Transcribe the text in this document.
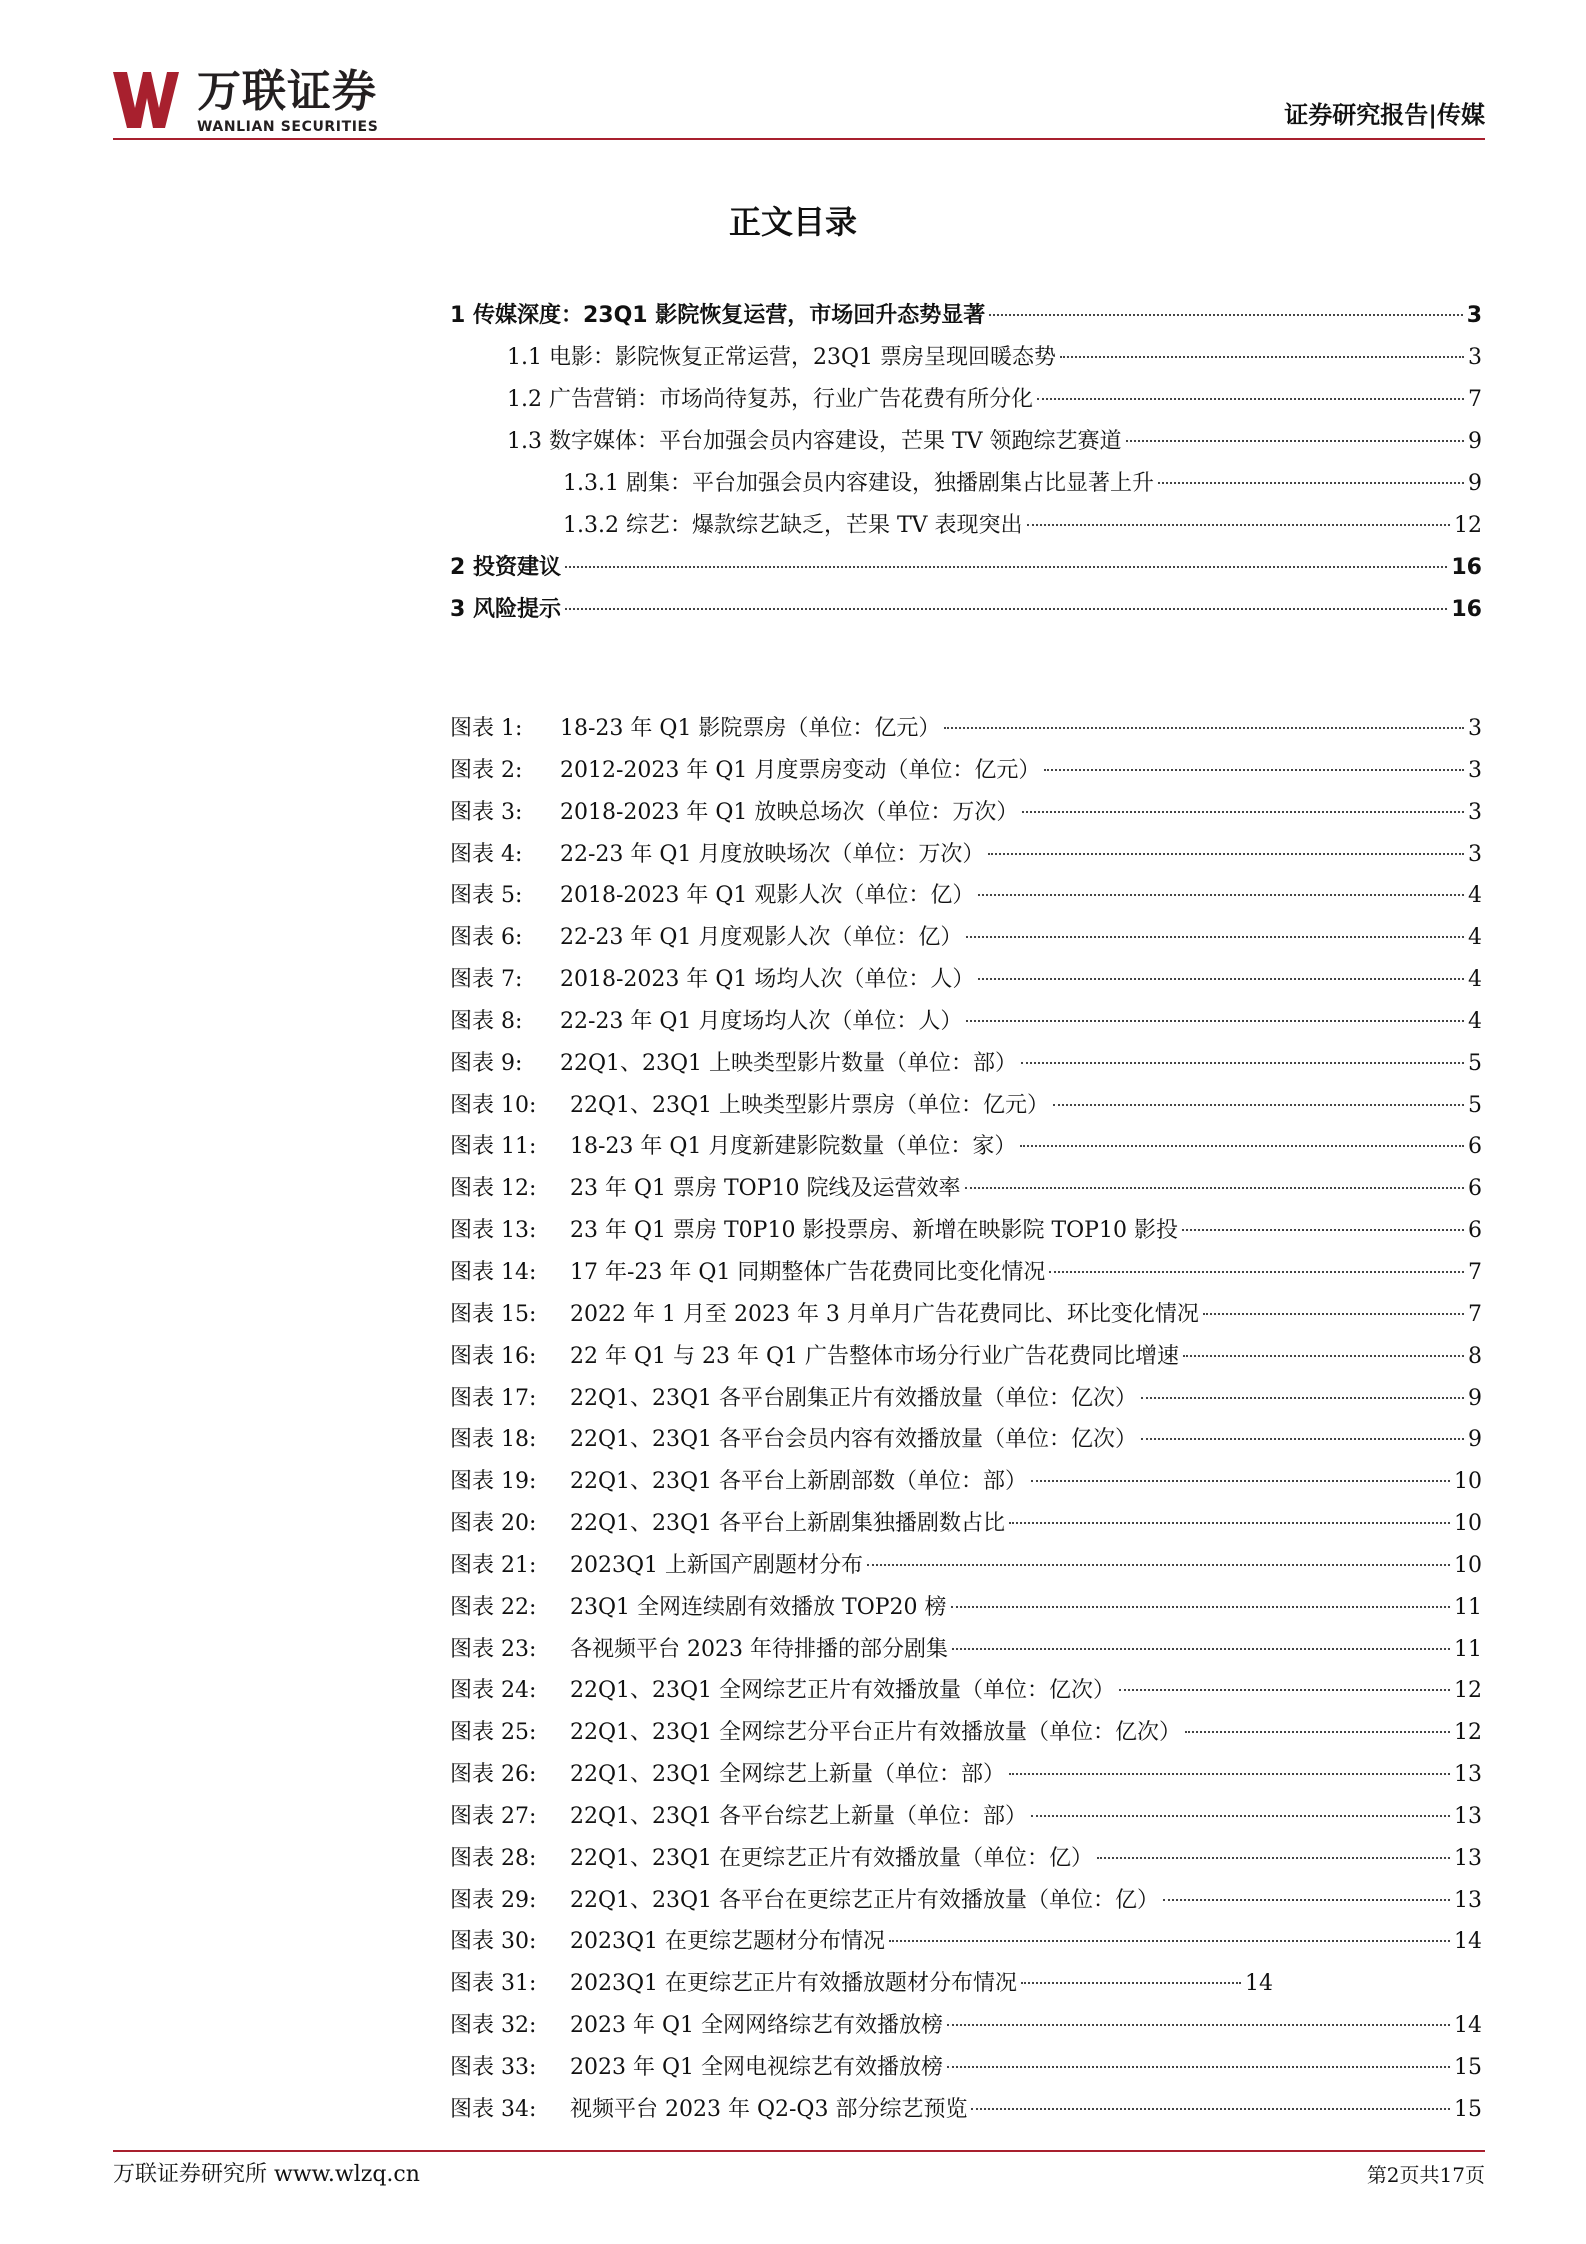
万联证券
WANLIAN SECURITIES	证券研究报告|传媒
正文目录
1 传媒深度：23Q1 影院恢复运营，市场回升态势显著	3
1.1 电影：影院恢复正常运营，23Q1 票房呈现回暖态势	3
1.2 广告营销：市场尚待复苏，行业广告花费有所分化	7
1.3 数字媒体：平台加强会员内容建设，芒果 TV 领跑综艺赛道	9
1.3.1 剧集：平台加强会员内容建设，独播剧集占比显著上升	9
1.3.2 综艺：爆款综艺缺乏，芒果 TV 表现突出	12
2 投资建议	16
3 风险提示	16
图表 1:	18-23 年 Q1 影院票房（单位：亿元）	3
图表 2:	2012-2023 年 Q1 月度票房变动（单位：亿元）	3
图表 3:	2018-2023 年 Q1 放映总场次（单位：万次）	3
图表 4:	22-23 年 Q1 月度放映场次（单位：万次）	3
图表 5:	2018-2023 年 Q1 观影人次（单位：亿）	4
图表 6:	22-23 年 Q1 月度观影人次（单位：亿）	4
图表 7:	2018-2023 年 Q1 场均人次（单位：人）	4
图表 8:	22-23 年 Q1 月度场均人次（单位：人）	4
图表 9:	22Q1、23Q1 上映类型影片数量（单位：部）	5
图表 10:	22Q1、23Q1 上映类型影片票房（单位：亿元）	5
图表 11:	18-23 年 Q1 月度新建影院数量（单位：家）	6
图表 12:	23 年 Q1 票房 TOP10 院线及运营效率	6
图表 13:	23 年 Q1 票房 T0P10 影投票房、新增在映影院 TOP10 影投	6
图表 14:	17 年-23 年 Q1 同期整体广告花费同比变化情况	7
图表 15:	2022 年 1 月至 2023 年 3 月单月广告花费同比、环比变化情况	7
图表 16:	22 年 Q1 与 23 年 Q1 广告整体市场分行业广告花费同比增速	8
图表 17:	22Q1、23Q1 各平台剧集正片有效播放量（单位：亿次）	9
图表 18:	22Q1、23Q1 各平台会员内容有效播放量（单位：亿次）	9
图表 19:	22Q1、23Q1 各平台上新剧部数（单位：部）	10
图表 20:	22Q1、23Q1 各平台上新剧集独播剧数占比	10
图表 21:	2023Q1 上新国产剧题材分布	10
图表 22:	23Q1 全网连续剧有效播放 TOP20 榜	11
图表 23:	各视频平台 2023 年待排播的部分剧集	11
图表 24:	22Q1、23Q1 全网综艺正片有效播放量（单位：亿次）	12
图表 25:	22Q1、23Q1 全网综艺分平台正片有效播放量（单位：亿次）	12
图表 26:	22Q1、23Q1 全网综艺上新量（单位：部）	13
图表 27:	22Q1、23Q1 各平台综艺上新量（单位：部）	13
图表 28:	22Q1、23Q1 在更综艺正片有效播放量（单位：亿）	13
图表 29:	22Q1、23Q1 各平台在更综艺正片有效播放量（单位：亿）	13
图表 30:	2023Q1 在更综艺题材分布情况	14
图表 31:	2023Q1 在更综艺正片有效播放题材分布情况	14
图表 32:	2023 年 Q1 全网网络综艺有效播放榜	14
图表 33:	2023 年 Q1 全网电视综艺有效播放榜	15
图表 34:	视频平台 2023 年 Q2-Q3 部分综艺预览	15
万联证券研究所 www.wlzq.cn	第2页共17页
